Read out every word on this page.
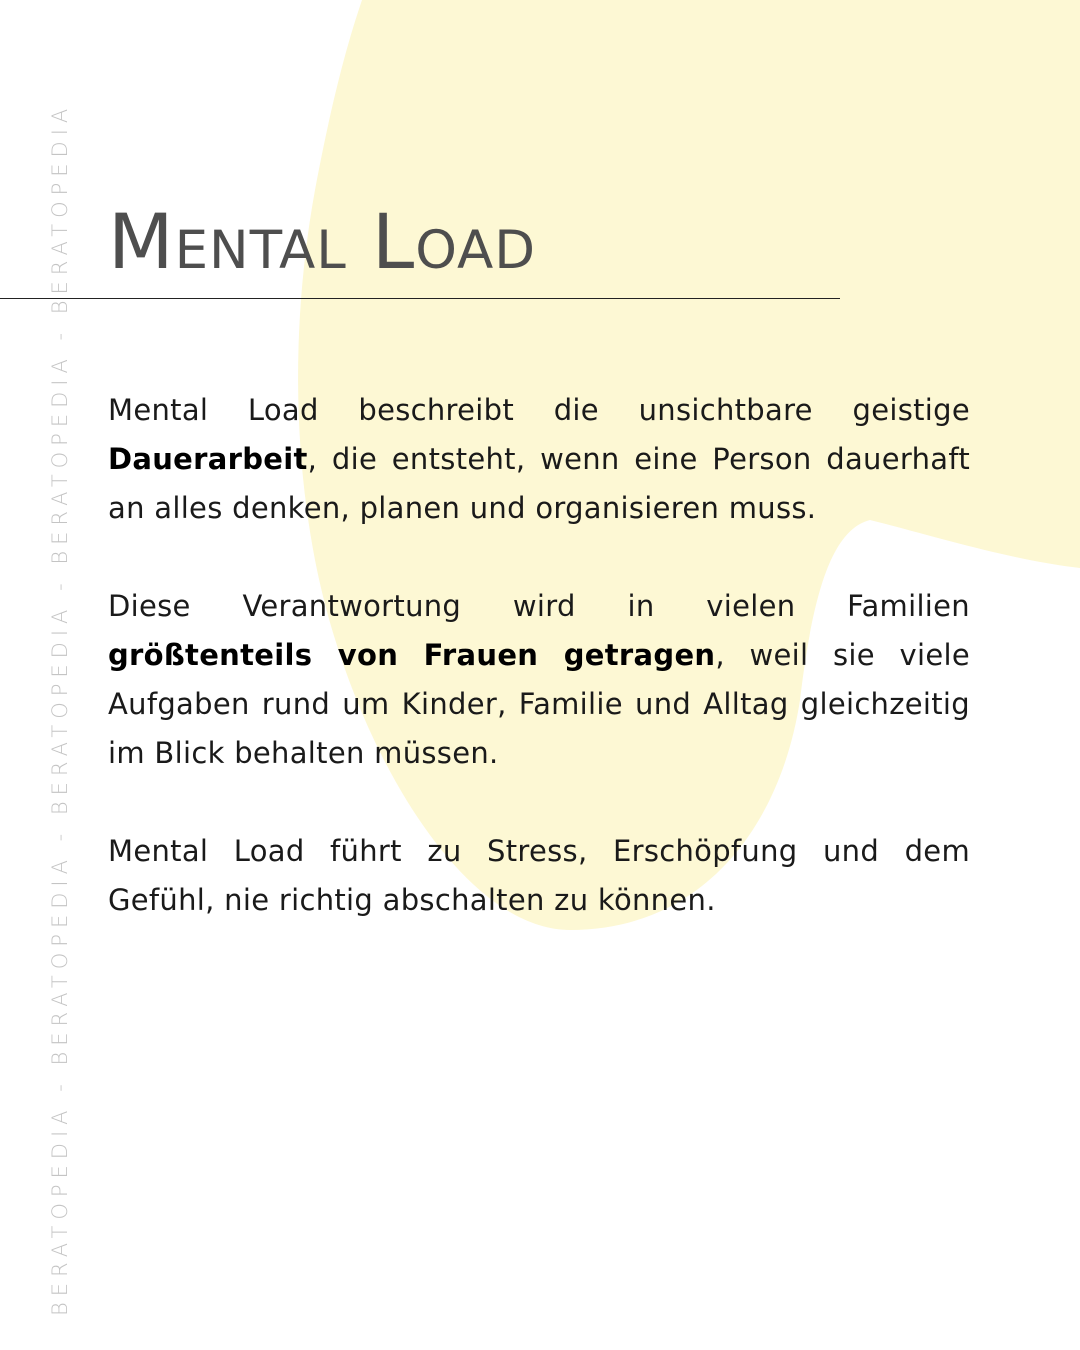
BERATOPEDIA - BERATOPEDIA - BERATOPEDIA - BERATOPEDIA - BERATOPEDIA Mental Load

Mental Load beschreibt die unsichtbare geistige Dauerarbeit, die entsteht, wenn eine Person dauerhaft an alles denken, planen und organisieren muss.

Diese Verantwortung wird in vielen Familien größtenteils von Frauen getragen, weil sie viele Aufgaben rund um Kinder, Familie und Alltag gleichzeitig im Blick behalten müssen.

Mental Load führt zu Stress, Erschöpfung und dem Gefühl, nie richtig abschalten zu können.
